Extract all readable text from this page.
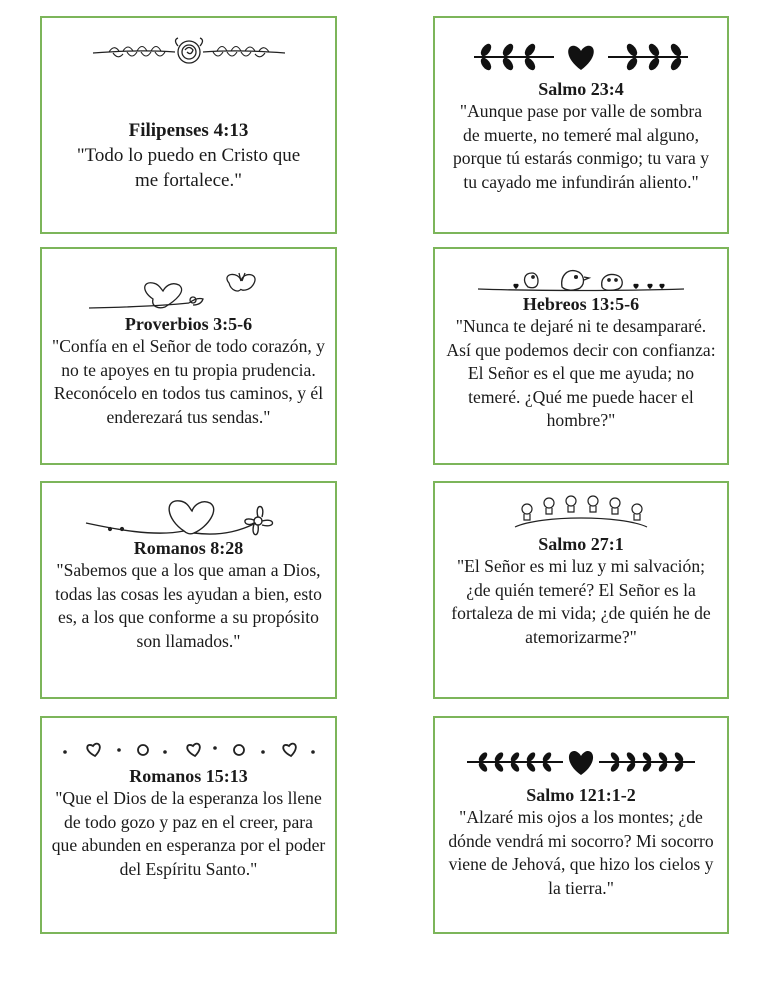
Filipenses 4:13
"Todo lo puedo en Cristo que me fortalece."
Salmo 23:4
"Aunque pase por valle de sombra de muerte, no temeré mal alguno, porque tú estarás conmigo; tu vara y tu cayado me infundirán aliento."
Proverbios 3:5-6
"Confía en el Señor de todo corazón, y no te apoyes en tu propia prudencia. Reconócelo en todos tus caminos, y él enderezará tus sendas."
Hebreos 13:5-6
"Nunca te dejaré ni te desampararé. Así que podemos decir con confianza: El Señor es el que me ayuda; no temeré. ¿Qué me puede hacer el hombre?"
Romanos 8:28
"Sabemos que a los que aman a Dios, todas las cosas les ayudan a bien, esto es, a los que conforme a su propósito son llamados."
Salmo 27:1
"El Señor es mi luz y mi salvación; ¿de quién temeré? El Señor es la fortaleza de mi vida; ¿de quién he de atemorizarme?"
Romanos 15:13
"Que el Dios de la esperanza los llene de todo gozo y paz en el creer, para que abunden en esperanza por el poder del Espíritu Santo."
Salmo 121:1-2
"Alzaré mis ojos a los montes; ¿de dónde vendrá mi socorro? Mi socorro viene de Jehová, que hizo los cielos y la tierra."
